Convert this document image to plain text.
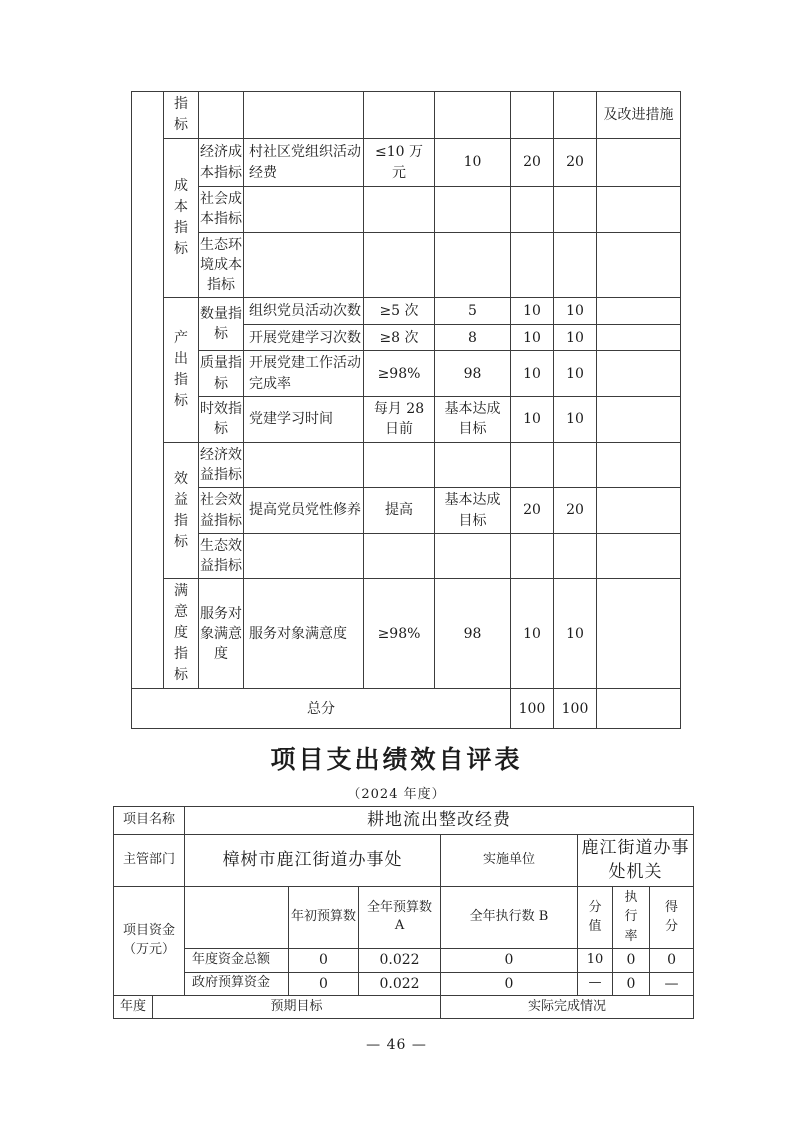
	指标							及改进措施
	成本指标	经济成本指标	村社区党组织活动经费	≤10 万元	10	20	20	
		社会成本指标						
		生态环境成本指标						
	产出指标	数量指标	组织党员活动次数	≥5 次	5	10	10	
			开展党建学习次数	≥8 次	8	10	10	
		质量指标	开展党建工作活动完成率	≥98%	98	10	10	
		时效指标	党建学习时间	每月 28 日前	基本达成目标	10	10	
	效益指标	经济效益指标						
		社会效益指标	提高党员党性修养	提高	基本达成目标	20	20	
		生态效益指标						
	满意度指标	服务对象满意度	服务对象满意度	≥98%	98	10	10	
总分						100	100	
项目支出绩效自评表
（2024 年度）
项目名称		耕地流出整改经费						
主管部门		樟树市鹿江街道办事处			实施单位	鹿江街道办事处机关		
项目资金（万元）			年初预算数	全年预算数 A	全年执行数 B	分值	执行率	得分
		年度资金总额	0	0.022	0	10	0	0
		政府预算资金	0	0.022	0	—	0	—
年度	预期目标				实际完成情况			
— 46 —
